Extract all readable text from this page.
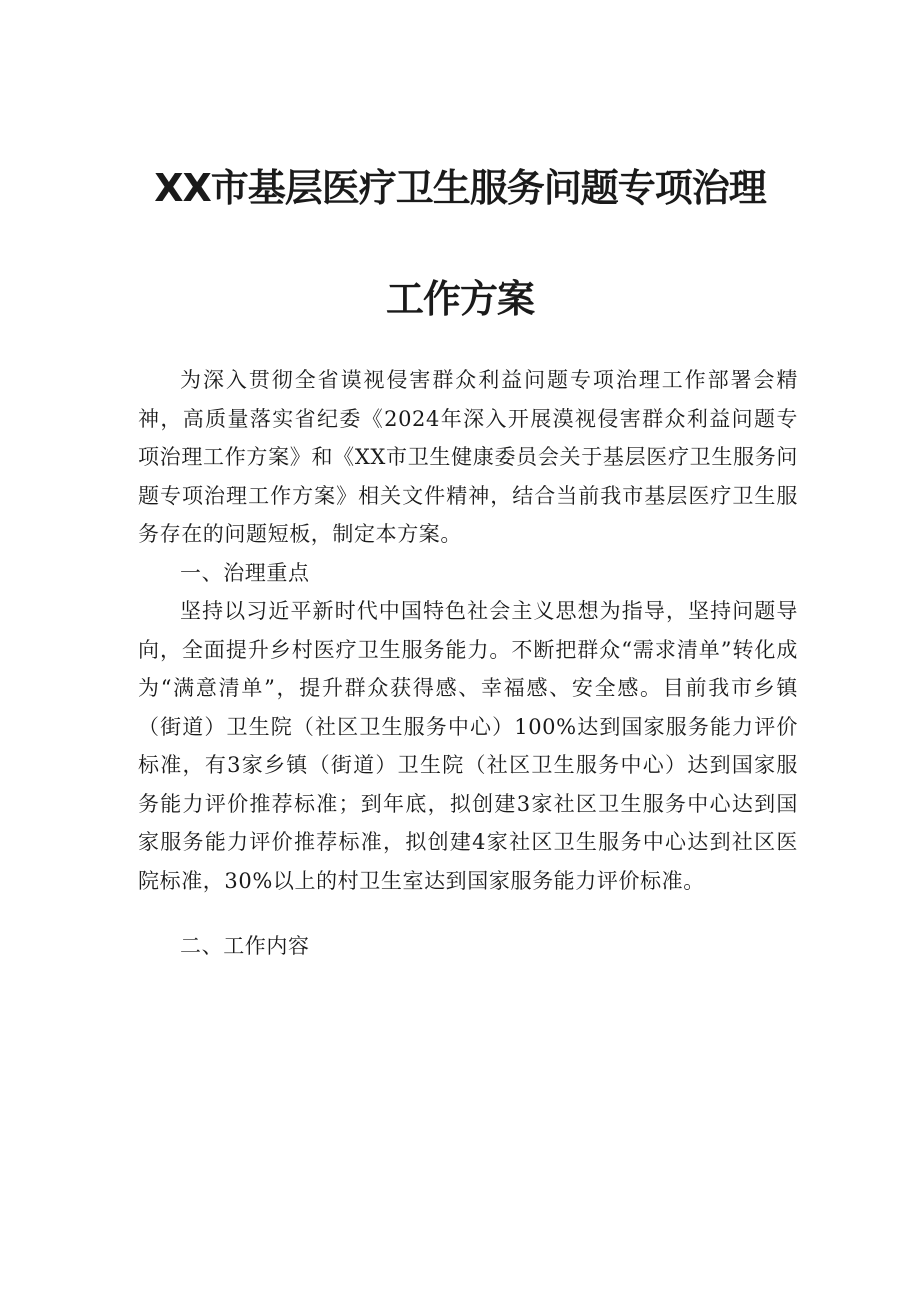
XX市基层医疗卫生服务问题专项治理
工作方案

为深入贯彻全省谟视侵害群众利益问题专项治理工作部署会精神，高质量落实省纪委《2024年深入开展漠视侵害群众利益问题专项治理工作方案》和《XX市卫生健康委员会关于基层医疗卫生服务问题专项治理工作方案》相关文件精神，结合当前我市基层医疗卫生服务存在的问题短板，制定本方案。

一、治理重点

坚持以习近平新时代中国特色社会主义思想为指导，坚持问题导向，全面提升乡村医疗卫生服务能力。不断把群众“需求清单”转化成为“满意清单”，提升群众获得感、幸福感、安全感。目前我市乡镇（街道）卫生院（社区卫生服务中心）100%达到国家服务能力评价标准，有3家乡镇（街道）卫生院（社区卫生服务中心）达到国家服务能力评价推荐标准；到年底，拟创建3家社区卫生服务中心达到国家服务能力评价推荐标准，拟创建4家社区卫生服务中心达到社区医院标准，30%以上的村卫生室达到国家服务能力评价标准。

二、工作内容
